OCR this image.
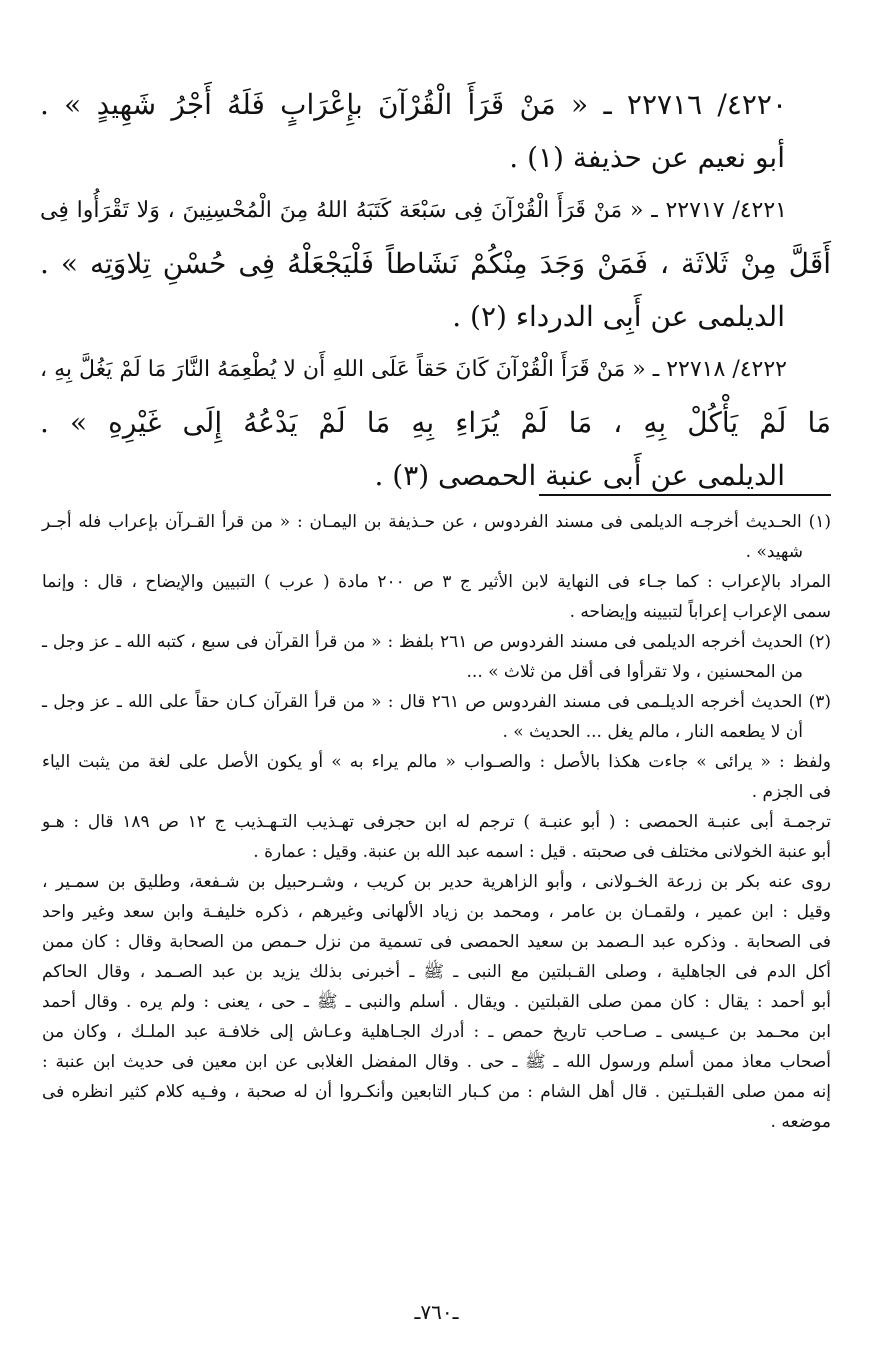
٤٢٢٠/ ٢٢٧١٦ ـ « مَنْ قَرَأَ الْقُرْآنَ بإِعْرَابٍ فَلَهُ أَجْرُ شَهِيدٍ » .
أبو نعيم عن حذيفة (١) .
٤٢٢١/ ٢٢٧١٧ ـ « مَنْ قَرَأَ الْقُرْآنَ فِى سَبْعَة كَتَبَهُ اللهُ مِنَ الْمُحْسِنِينَ ، وَلا تَقْرَأُوا فِى
أَقَلَّ مِنْ ثَلاثَة ، فَمَنْ وَجَدَ مِنْكُمْ نَشَاطاً فَلْيَجْعَلْهُ فِى حُسْنِ تِلاوَتِه » .
الديلمى عن أَبِى الدرداء (٢) .
٤٢٢٢/ ٢٢٧١٨ ـ « مَنْ قَرَأَ الْقُرْآنَ كَانَ حَقاً عَلَى اللهِ أَن لا يُطْعِمَهُ النَّارَ مَا لَمْ يَغُلَّ بِهِ ،
مَا لَمْ يَأْكُلْ بِهِ ، مَا لَمْ يُرَاءِ بِهِ مَا لَمْ يَدْعُهُ إِلَى غَيْرِهِ » .
الديلمى عن أَبى عنبة الحمصى (٣) .
(١) الحـديث أخرجـه الديلمى فى مسند الفردوس ، عن حـذيفة بن اليمـان : « من قرأ القـرآن بإعراب فله أجـر
شهيد» .
المراد بالإعراب : كما جـاء فى النهاية لابن الأثير ج ٣ ص ٢٠٠ مادة ( عرب ) التبيين والإيضاح ، قال : وإنما
سمى الإعراب إعراباً لتبيينه وإيضاحه .
(٢) الحديث أخرجه الديلمى فى مسند الفردوس ص ٢٦١ بلفظ : « من قرأ القرآن فى سبع ، كتبه الله ـ عز وجل ـ
من المحسنين ، ولا تقرأوا فى أقل من ثلاث » ...
(٣) الحديث أخرجه الديلـمى فى مسند الفردوس ص ٢٦١ قال : « من قرأ القرآن كـان حقاً على الله ـ عز وجل ـ
أن لا يطعمه النار ، مالم يغل ... الحديث » .
ولفظ : « يرائى » جاءت هكذا بالأصل : والصـواب « مالم يراء به » أو يكون الأصل على لغة من يثبت الياء
فى الجزم .
ترجمـة أبى عنبـة الحمصى : ( أبو عنبـة ) ترجم له ابن حجرفى تهـذيب التـهـذيب ج ١٢ ص ١٨٩ قال : هـو
أبو عنبة الخولانى مختلف فى صحبته . قيل : اسمه عبد الله بن عنبة. وقيل : عمارة .
روى عنه بكر بن زرعة الخـولانى ، وأبو الزاهرية حدير بن كريب ، وشـرحبيل بن شـفعة، وطليق بن سمـير ،
وقيل : ابن عمير ، ولقمـان بن عامر ، ومحمد بن زياد الألهانى وغيرهم ، ذكره خليفـة وابن سعد وغير واحد
فى الصحابة . وذكره عبد الـصمد بن سعيد الحمصى فى تسمية من نزل حـمص من الصحابة وقال : كان ممن
أكل الدم فى الجاهلية ، وصلى القـبلتين مع النبى ـ ﷺ ـ أخبرنى بذلك يزيد بن عبد الصـمد ، وقال الحاكم
أبو أحمد : يقال : كان ممن صلى القبلتين . ويقال . أسلم والنبى ـ ﷺ ـ حى ، يعنى : ولم يره . وقال أحمد
ابن محـمد بن عـيسى ـ صـاحب تاريخ حمص ـ : أدرك الجـاهلية وعـاش إلى خلافـة عبد الملـك ، وكان من
أصحاب معاذ ممن أسلم ورسول الله ـ ﷺ ـ حى . وقال المفضل الغلابى عن ابن معين فى حديث ابن عنبة :
إنه ممن صلى القبلـتين . قال أهل الشام : من كـبار التابعين وأنكـروا أن له صحبة ، وفـيه كلام كثير انظره فى
موضعه .
ـ٧٦٠ـ
